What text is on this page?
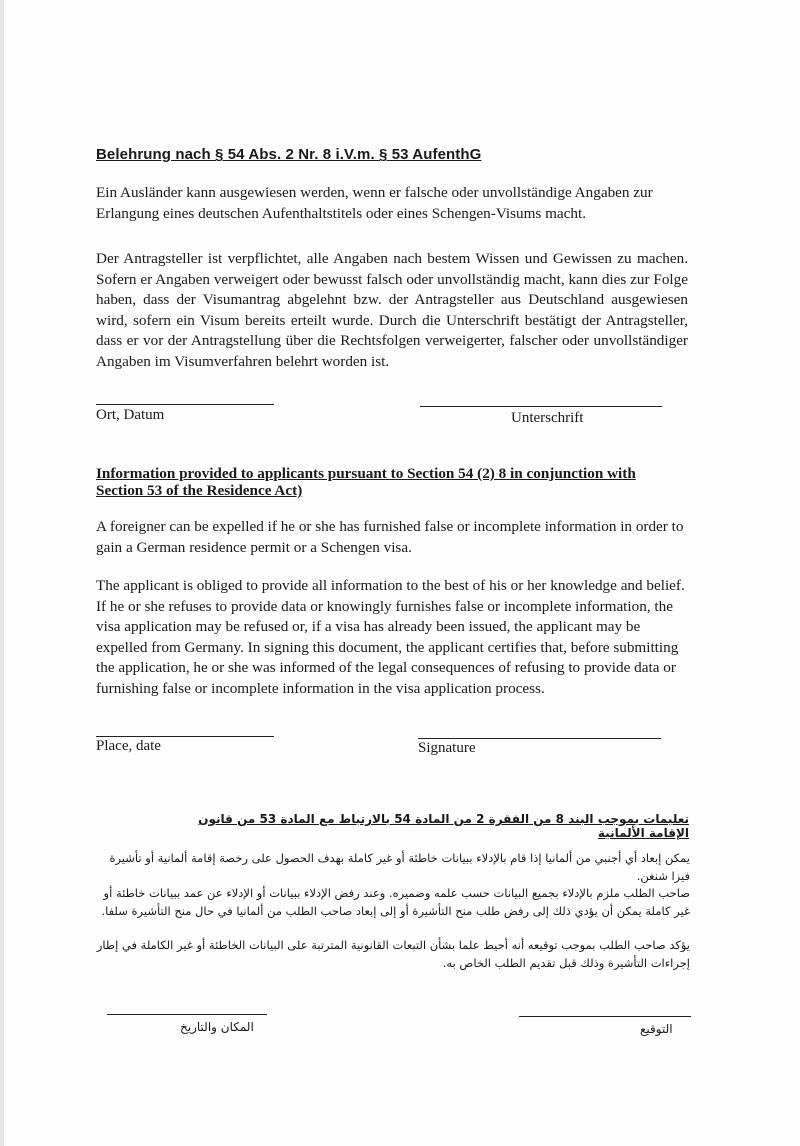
Belehrung nach § 54 Abs. 2 Nr. 8 i.V.m. § 53 AufenthG
Ein Ausländer kann ausgewiesen werden, wenn er falsche oder unvollständige Angaben zur Erlangung eines deutschen Aufenthaltstitels oder eines Schengen-Visums macht.
Der Antragsteller ist verpflichtet, alle Angaben nach bestem Wissen und Gewissen zu machen. Sofern er Angaben verweigert oder bewusst falsch oder unvollständig macht, kann dies zur Folge haben, dass der Visumantrag abgelehnt bzw. der Antragsteller aus Deutschland ausgewiesen wird, sofern ein Visum bereits erteilt wurde. Durch die Unterschrift bestätigt der Antragsteller, dass er vor der Antragstellung über die Rechtsfolgen verweigerter, falscher oder unvollständiger Angaben im Visumverfahren belehrt worden ist.
Ort, Datum	Unterschrift
Information provided to applicants pursuant to Section 54 (2) 8 in conjunction with Section 53 of the Residence Act)
A foreigner can be expelled if he or she has furnished false or incomplete information in order to gain a German residence permit or a Schengen visa.
The applicant is obliged to provide all information to the best of his or her knowledge and belief. If he or she refuses to provide data or knowingly furnishes false or incomplete information, the visa application may be refused or, if a visa has already been issued, the applicant may be expelled from Germany. In signing this document, the applicant certifies that, before submitting the application, he or she was informed of the legal consequences of refusing to provide data or furnishing false or incomplete information in the visa application process.
Place, date	Signature
تعليمات بموجب البند 8 من الفقرة 2 من المادة 54 بالارتباط مع المادة 53 من قانون الإقامة الألمانية
يمكن إبعاد أي أجنبي من ألمانيا إذا قام بالإدلاء ببيانات خاطئة أو غير كاملة بهدف الحصول على رخصة إقامة ألمانية أو تأشيرة فيزا شنغن.
صاحب الطلب ملزم بالإدلاء بجميع البيانات حسب علمه وضميره. وعند رفض الإدلاء ببيانات أو الإدلاء عن عمد ببيانات خاطئة أو غير كاملة يمكن أن يؤدي ذلك إلى رفض طلب منح التأشيرة أو إلى إبعاد صاحب الطلب من ألمانيا في حال منح التأشيرة سلفا.
يؤكد صاحب الطلب بموجب توقيعه أنه أحيط علما بشأن التبعات القانونية المترتبة على البيانات الخاطئة أو غير الكاملة في إطار إجراءات التأشيرة وذلك قبل تقديم الطلب الخاص به.
المكان والتاريخ	التوقيع
